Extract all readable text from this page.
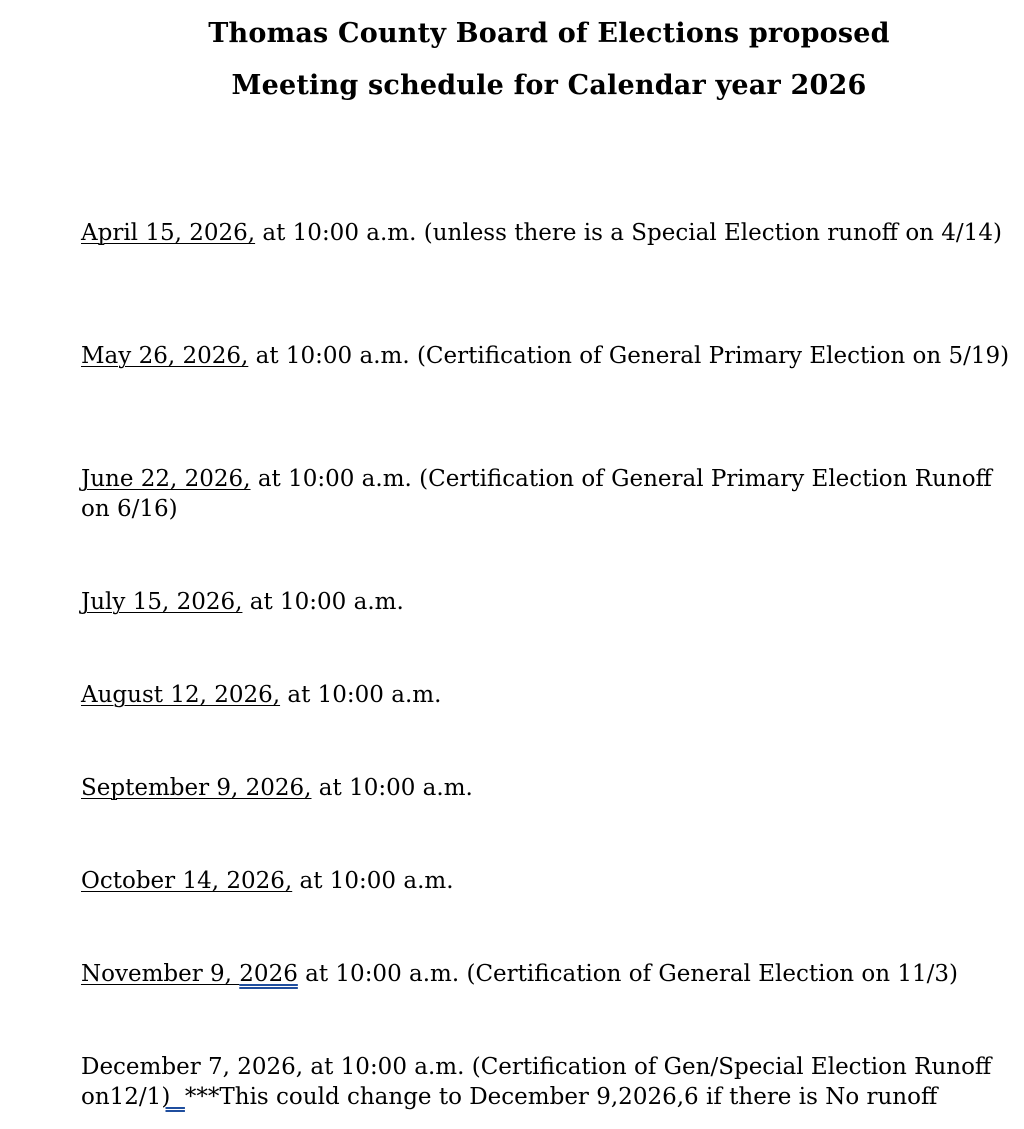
Thomas County Board of Elections proposed
Meeting schedule for Calendar year 2026
April 15, 2026, at 10:00 a.m. (unless there is a Special Election runoff on 4/14)
May 26, 2026, at 10:00 a.m. (Certification of General Primary Election on 5/19)
June 22, 2026, at 10:00 a.m. (Certification of General Primary Election Runoff on 6/16)
July 15, 2026, at 10:00 a.m.
August 12, 2026, at 10:00 a.m.
September 9, 2026, at 10:00 a.m.
October 14, 2026, at 10:00 a.m.
November 9, 2026 at 10:00 a.m. (Certification of General Election on 11/3)
December 7, 2026, at 10:00 a.m. (Certification of Gen/Special Election Runoff on12/1)  ***This could change to December 9,2026,6 if there is No runoff
